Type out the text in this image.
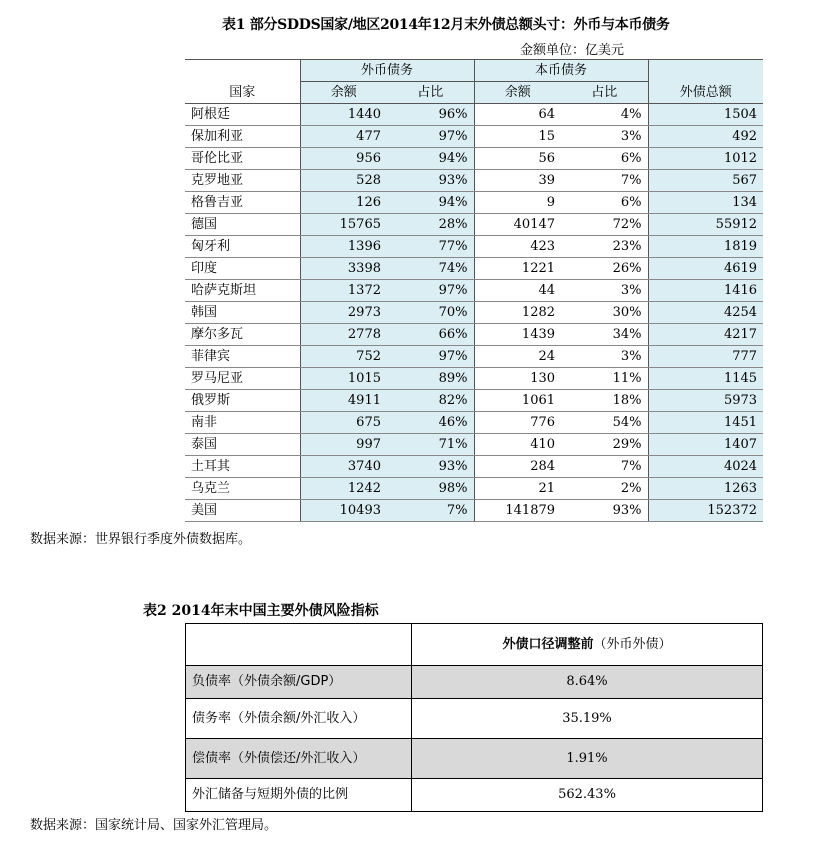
表1 部分SDDS国家/地区2014年12月末外债总额头寸：外币与本币债务
金额单位：亿美元
国家	外币债务		本币债务		外债总额
	余额	占比	余额	占比	
阿根廷	1440	96%	64	4%	1504
保加利亚	477	97%	15	3%	492
哥伦比亚	956	94%	56	6%	1012
克罗地亚	528	93%	39	7%	567
格鲁吉亚	126	94%	9	6%	134
德国	15765	28%	40147	72%	55912
匈牙利	1396	77%	423	23%	1819
印度	3398	74%	1221	26%	4619
哈萨克斯坦	1372	97%	44	3%	1416
韩国	2973	70%	1282	30%	4254
摩尔多瓦	2778	66%	1439	34%	4217
菲律宾	752	97%	24	3%	777
罗马尼亚	1015	89%	130	11%	1145
俄罗斯	4911	82%	1061	18%	5973
南非	675	46%	776	54%	1451
泰国	997	71%	410	29%	1407
土耳其	3740	93%	284	7%	4024
乌克兰	1242	98%	21	2%	1263
美国	10493	7%	141879	93%	152372
数据来源：世界银行季度外债数据库。
表2 2014年末中国主要外债风险指标
	外债口径调整前（外币外债）
负债率（外债余额/GDP）	8.64%
债务率（外债余额/外汇收入）	35.19%
偿债率（外债偿还/外汇收入）	1.91%
外汇储备与短期外债的比例	562.43%
数据来源：国家统计局、国家外汇管理局。
